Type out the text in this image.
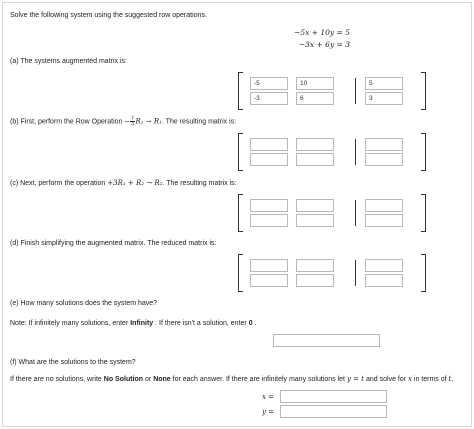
Solve the following system using the suggested row operations.
−5x + 10y = 5
−3x + 6y = 3
(a) The systems augmented matrix is:
-5
10
5
-3
6
3
(b) First, perform the Row Operation − $\frac{1}{5} R_1 \to R_1$. The resulting matrix is:
(c) Next, perform the operation +3R₁ + R₂ → R₂. The resulting matrix is:
(d) Finish simplifying the augmented matrix. The reduced matrix is:
(e) How many solutions does the system have?
Note: If infinitely many solutions, enter Infinity . If there isn't a solution, enter 0 .
(f) What are the solutions to the system?
If there are no solutions, write No Solution or None for each answer. If there are infinitely many solutions let y = t and solve for x in terms of t.
x =
y =
